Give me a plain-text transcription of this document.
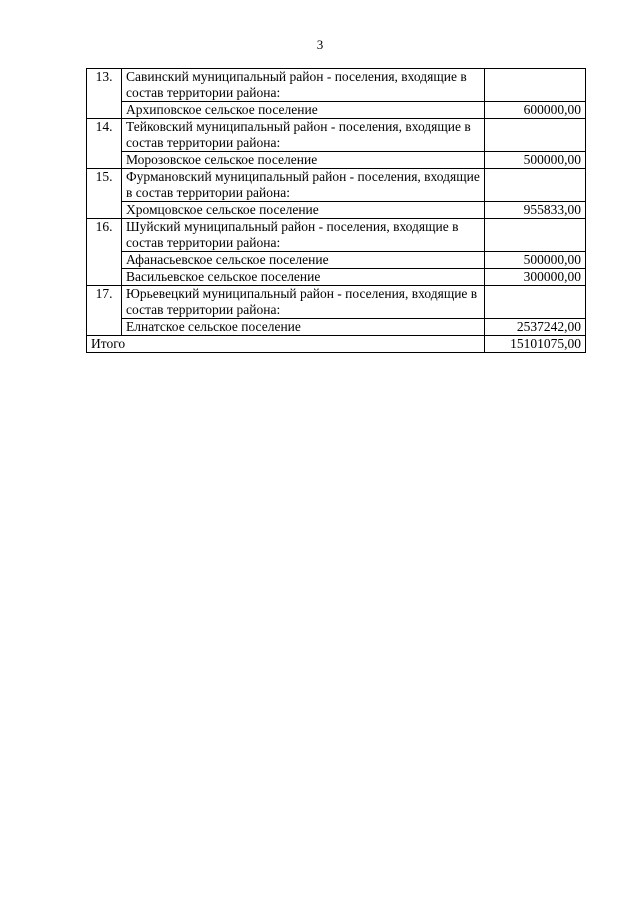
3
13.	Савинский муниципальный район - поселения, входящие в состав территории района:	
	Архиповское сельское поселение	600000,00
14.	Тейковский муниципальный район - поселения, входящие в состав территории района:	
	Морозовское сельское поселение	500000,00
15.	Фурмановский муниципальный район - поселения, входящие в состав территории района:	
	Хромцовское сельское поселение	955833,00
16.	Шуйский муниципальный район - поселения, входящие в состав территории района:	
	Афанасьевское сельское поселение	500000,00
	Васильевское сельское поселение	300000,00
17.	Юрьевецкий муниципальный район - поселения, входящие в состав территории района:	
	Елнатское сельское поселение	2537242,00
Итого		15101075,00
